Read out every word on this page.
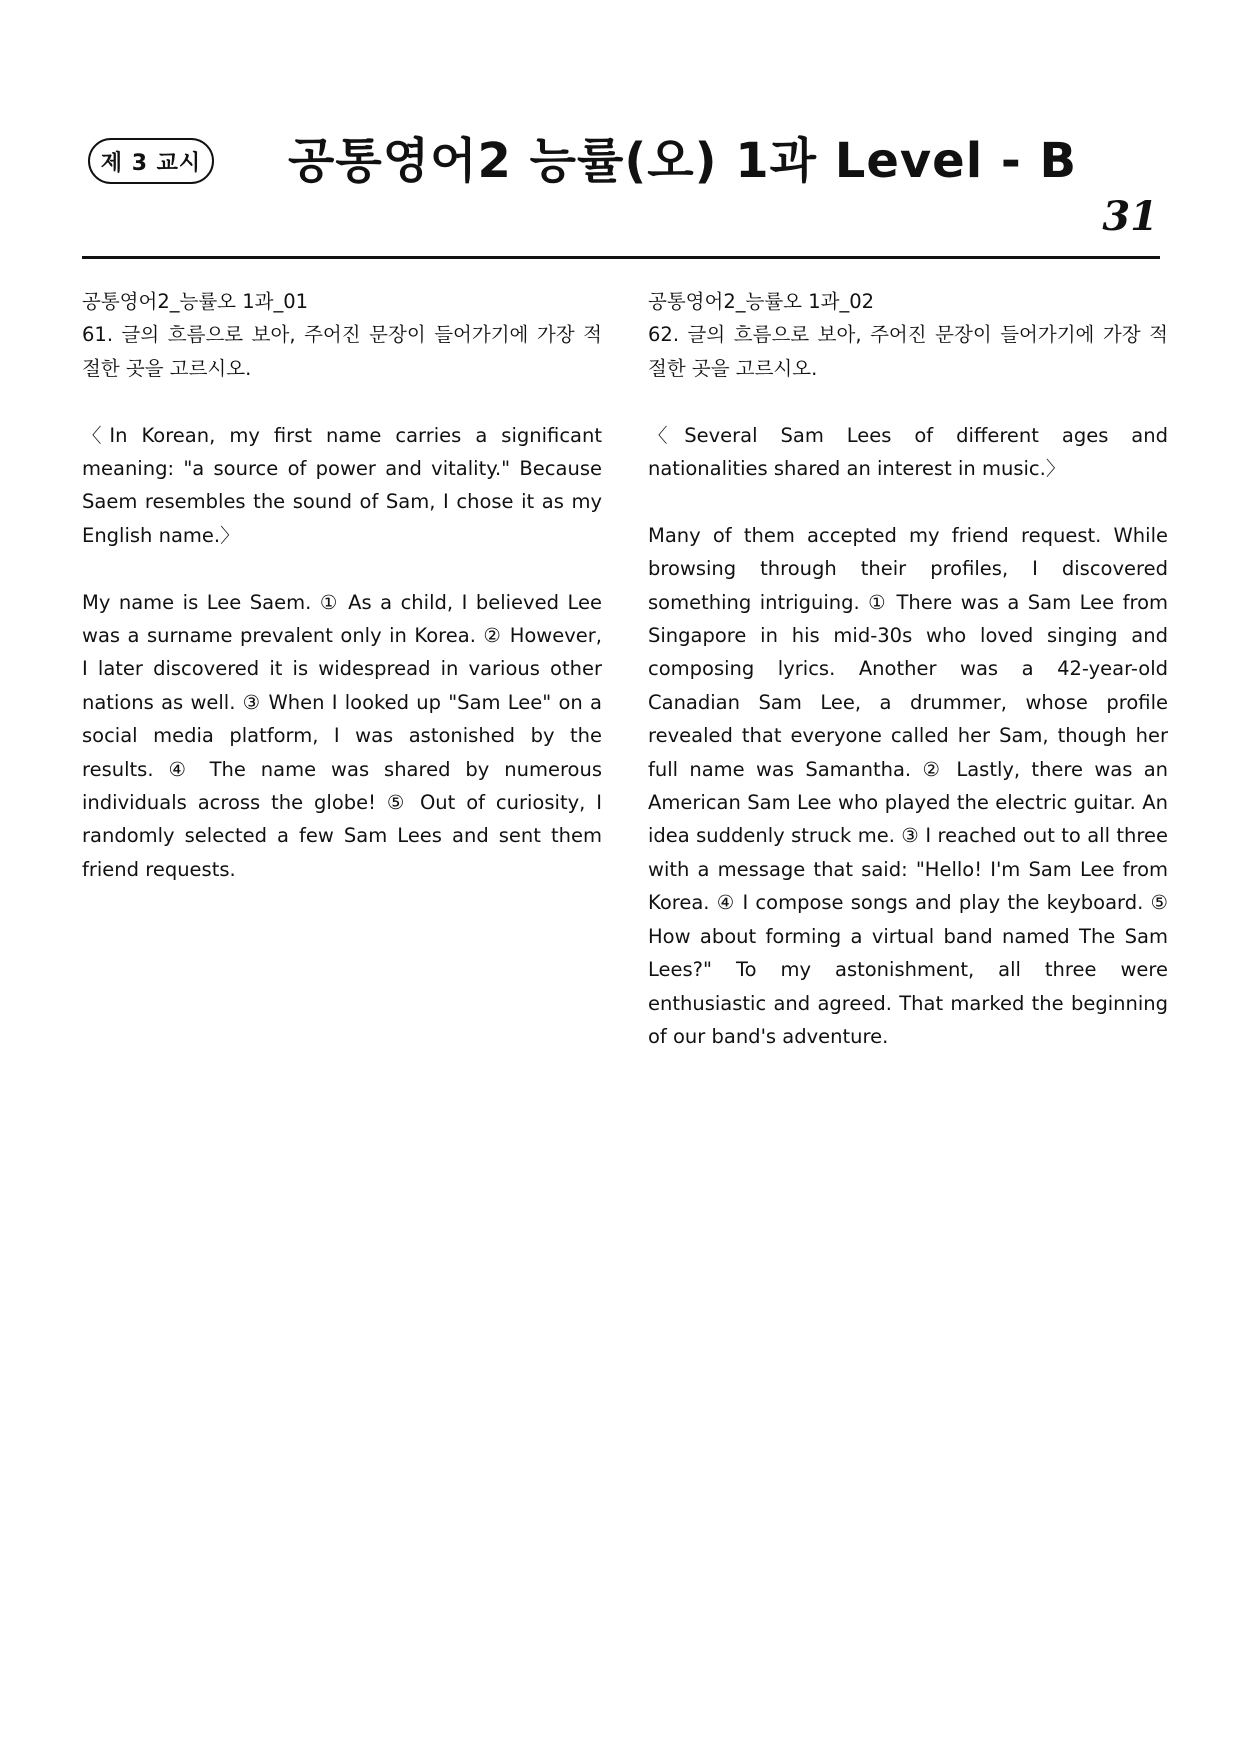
제 3 교시 공통영어2 능률(오) 1과 Level - B
31

공통영어2_능률오 1과_01

61. 글의 흐름으로 보아, 주어진 문장이 들어가기에 가장 적절한 곳을 고르시오.

〈In Korean, my first name carries a significant meaning: "a source of power and vitality." Because Saem resembles the sound of Sam, I chose it as my English name.〉

My name is Lee Saem. ① As a child, I believed Lee was a surname prevalent only in Korea. ② However, I later discovered it is widespread in various other nations as well. ③ When I looked up "Sam Lee" on a social media platform, I was astonished by the results. ④ The name was shared by numerous individuals across the globe! ⑤ Out of curiosity, I randomly selected a few Sam Lees and sent them friend requests.

공통영어2_능률오 1과_02

62. 글의 흐름으로 보아, 주어진 문장이 들어가기에 가장 적절한 곳을 고르시오.

〈Several Sam Lees of different ages and nationalities shared an interest in music.〉

Many of them accepted my friend request. While browsing through their profiles, I discovered something intriguing. ① There was a Sam Lee from Singapore in his mid-30s who loved singing and composing lyrics. Another was a 42-year-old Canadian Sam Lee, a drummer, whose profile revealed that everyone called her Sam, though her full name was Samantha. ② Lastly, there was an American Sam Lee who played the electric guitar. An idea suddenly struck me. ③ I reached out to all three with a message that said: "Hello! I'm Sam Lee from Korea. ④ I compose songs and play the keyboard. ⑤ How about forming a virtual band named The Sam Lees?" To my astonishment, all three were enthusiastic and agreed. That marked the beginning of our band's adventure.
